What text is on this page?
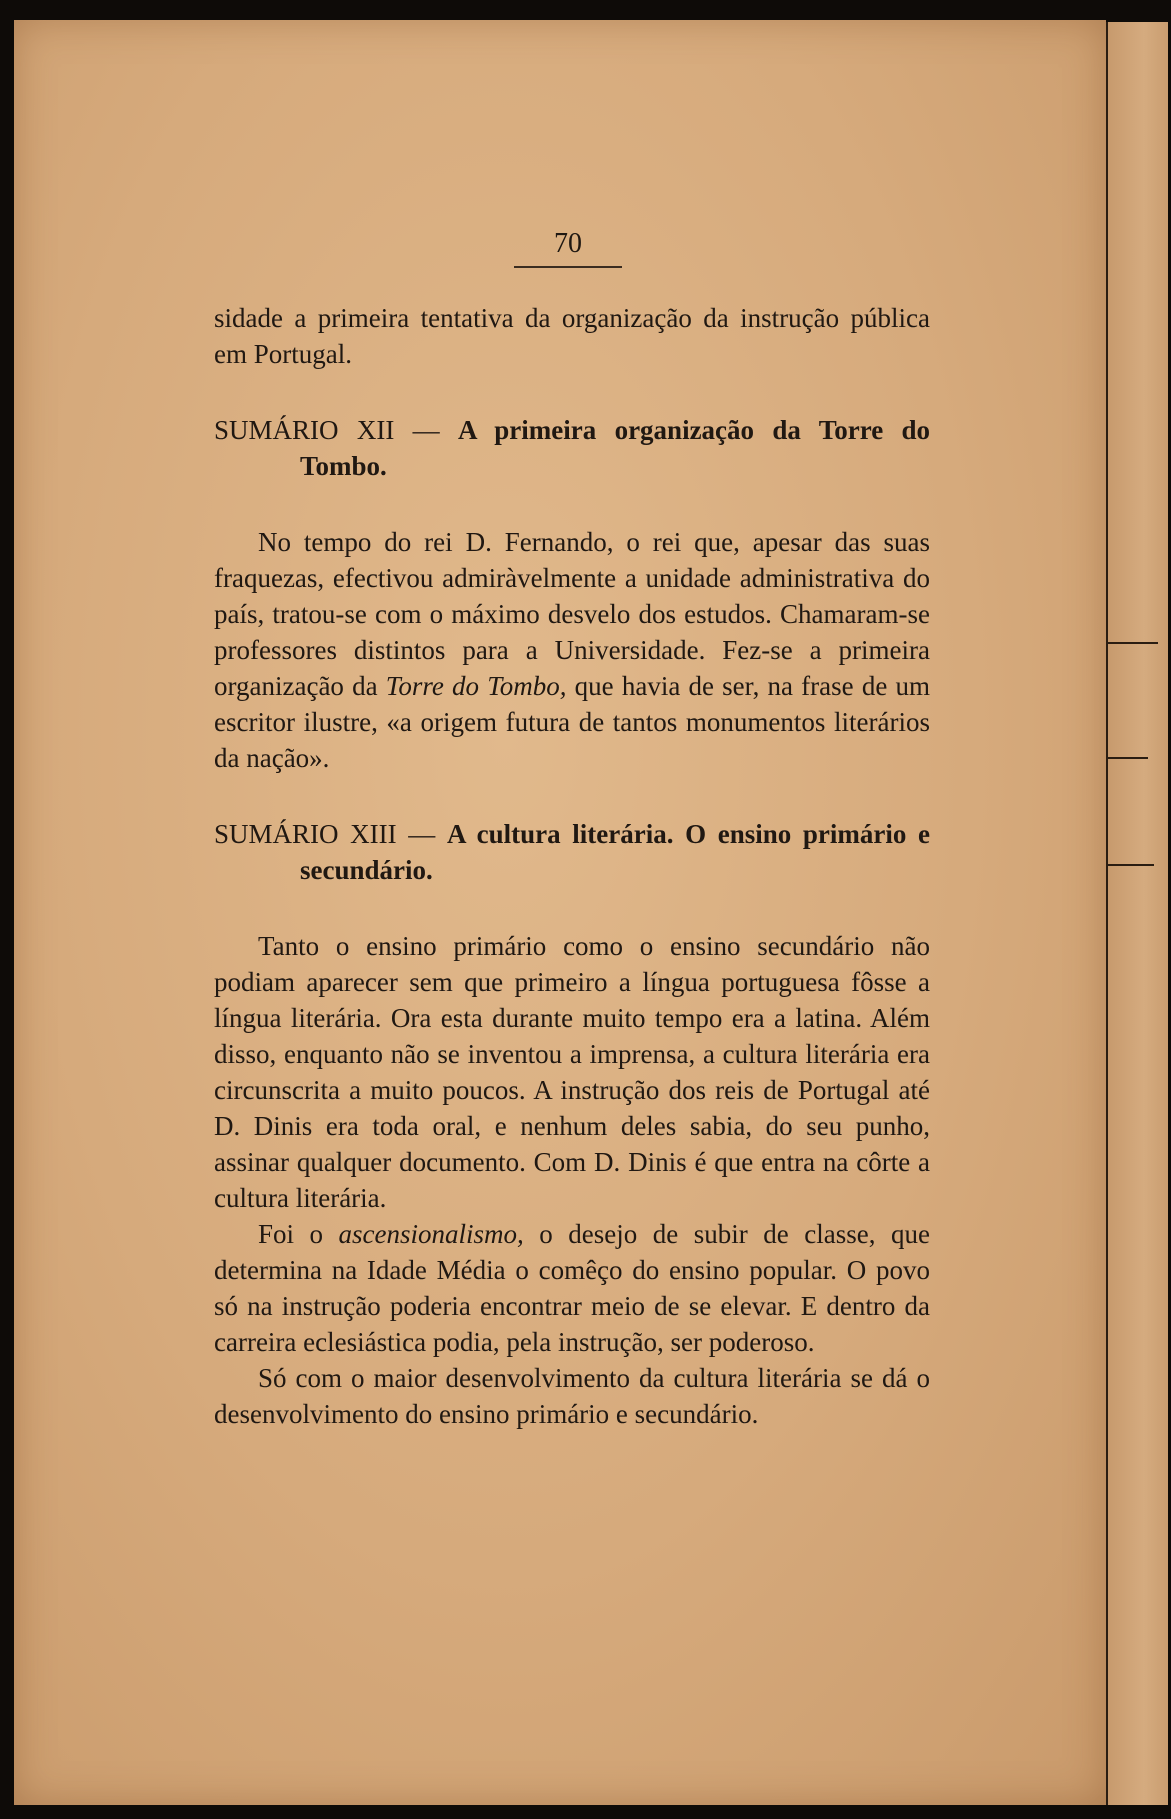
70

sidade a primeira tentativa da organização da instrução pública em Portugal.

SUMÁRIO XII — A primeira organização da Torre do Tombo.

No tempo do rei D. Fernando, o rei que, apesar das suas fraquezas, efectivou admiràvelmente a unidade administrativa do país, tratou-se com o máximo desvelo dos estudos. Chamaram-se professores distintos para a Universidade. Fez-se a primeira organização da Torre do Tombo, que havia de ser, na frase de um escritor ilustre, «a origem futura de tantos monumentos literários da nação».

SUMÁRIO XIII — A cultura literária. O ensino primário e secundário.

Tanto o ensino primário como o ensino secundário não podiam aparecer sem que primeiro a língua portuguesa fôsse a língua literária. Ora esta durante muito tempo era a latina. Além disso, enquanto não se inventou a imprensa, a cultura literária era circunscrita a muito poucos. A instrução dos reis de Portugal até D. Dinis era toda oral, e nenhum deles sabia, do seu punho, assinar qualquer documento. Com D. Dinis é que entra na côrte a cultura literária.

Foi o ascensionalismo, o desejo de subir de classe, que determina na Idade Média o comêço do ensino popular. O povo só na instrução poderia encontrar meio de se elevar. E dentro da carreira eclesiástica podia, pela instrução, ser poderoso.

Só com o maior desenvolvimento da cultura literária se dá o desenvolvimento do ensino primário e secundário.
